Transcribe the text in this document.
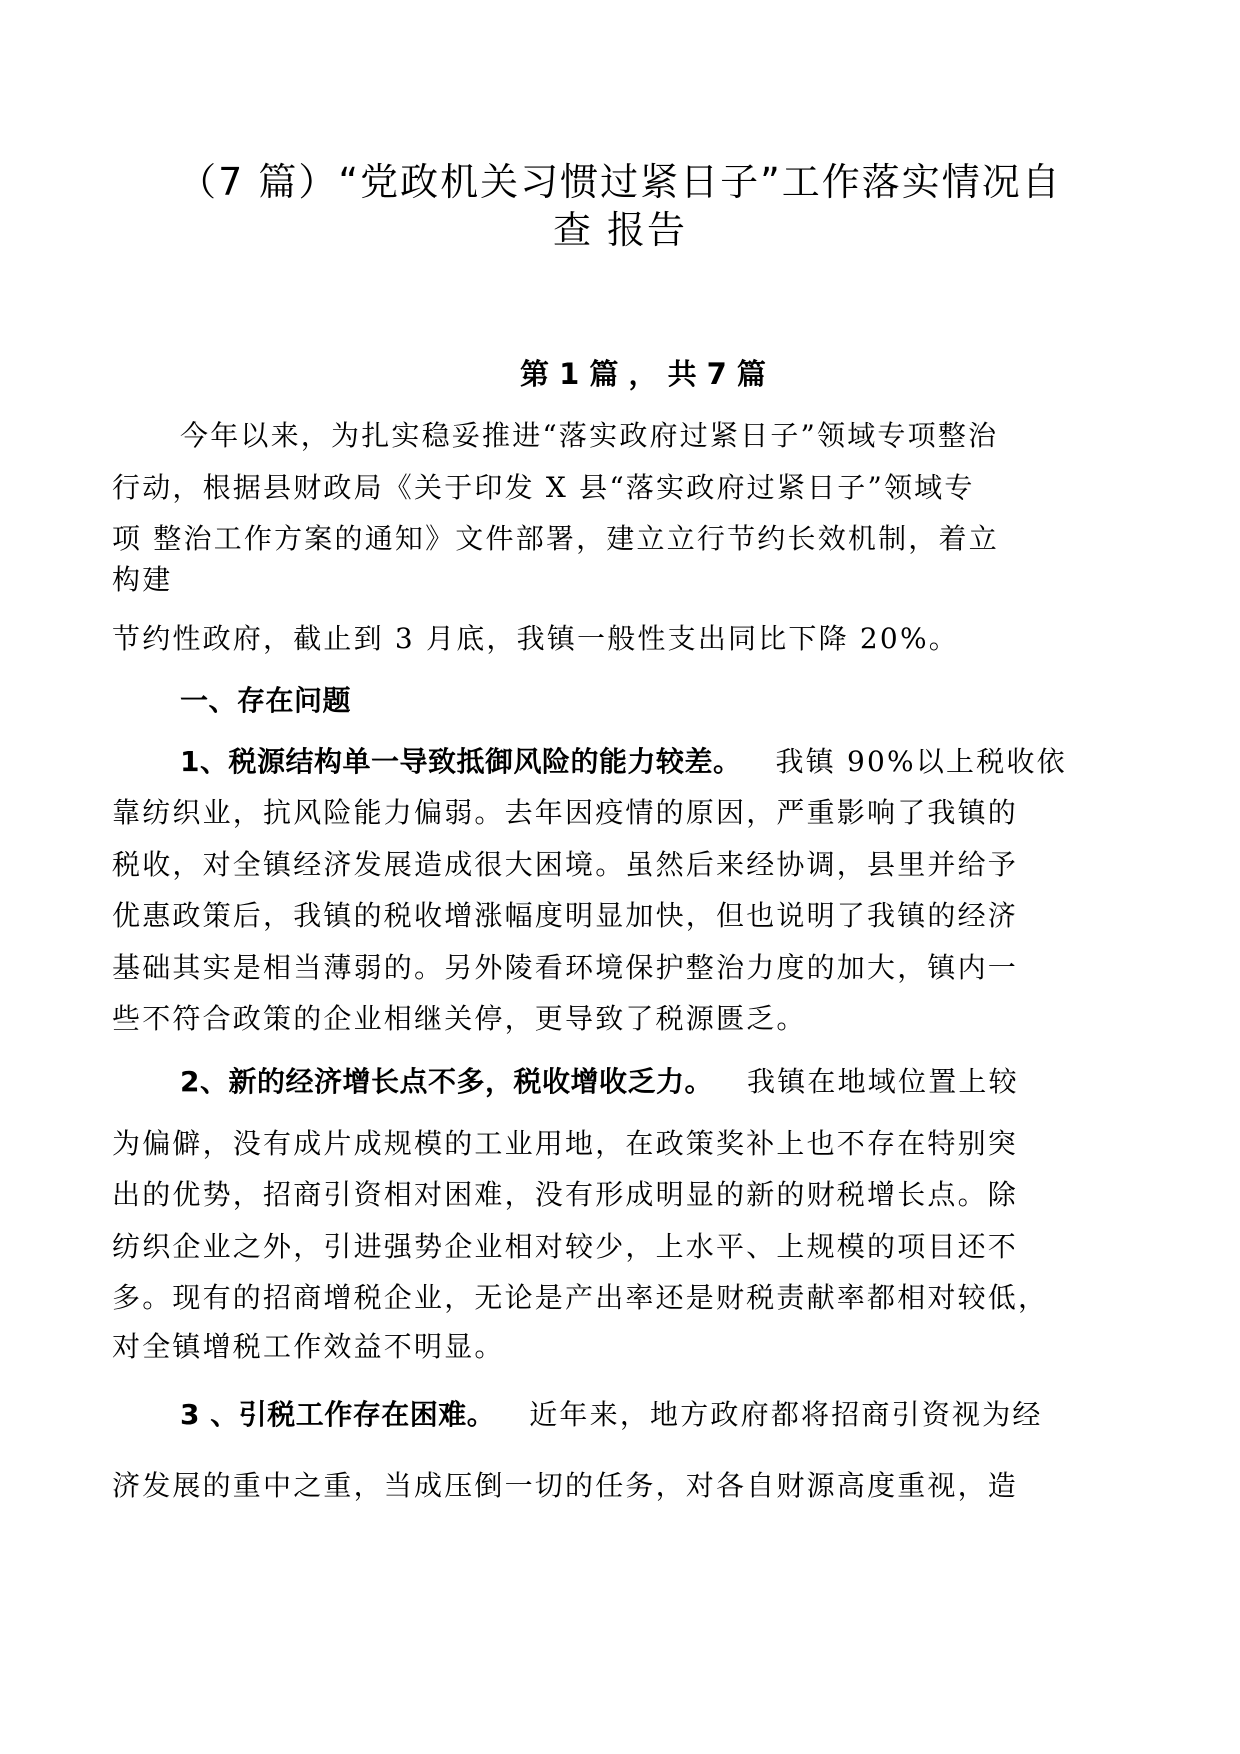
（7 篇）“党政机关习惯过紧日子”工作落实情况自
查 报告
第 1 篇 ， 共 7 篇
今年以来，为扎实稳妥推进“落实政府过紧日子”领域专项整治
行动，根据县财政局《关于印发 X 县“落实政府过紧日子”领域专
项 整治工作方案的通知》文件部署，建立立行节约长效机制，着立
构建
节约性政府，截止到 3 月底，我镇一般性支出同比下降 20%。
一、存在问题
1、税源结构单一导致抵御风险的能力较差。 我镇 90%以上税收依
靠纺织业，抗风险能力偏弱。去年因疫情的原因，严重影响了我镇的
税收，对全镇经济发展造成很大困境。虽然后来经协调，县里并给予
优惠政策后，我镇的税收增涨幅度明显加快，但也说明了我镇的经济
基础其实是相当薄弱的。另外陵看环境保护整治力度的加大，镇内一
些不符合政策的企业相继关停，更导致了税源匮乏。
2、新的经济增长点不多，税收增收乏力。 我镇在地域位置上较
为偏僻，没有成片成规模的工业用地，在政策奖补上也不存在特别突
出的优势，招商引资相对困难，没有形成明显的新的财税增长点。除
纺织企业之外，引进强势企业相对较少，上水平、上规模的项目还不
多。现有的招商增税企业，无论是产出率还是财税责献率都相对较低，
对全镇增税工作效益不明显。
3 、引税工作存在困难。 近年来，地方政府都将招商引资视为经
济发展的重中之重，当成压倒一切的任务，对各自财源高度重视，造
